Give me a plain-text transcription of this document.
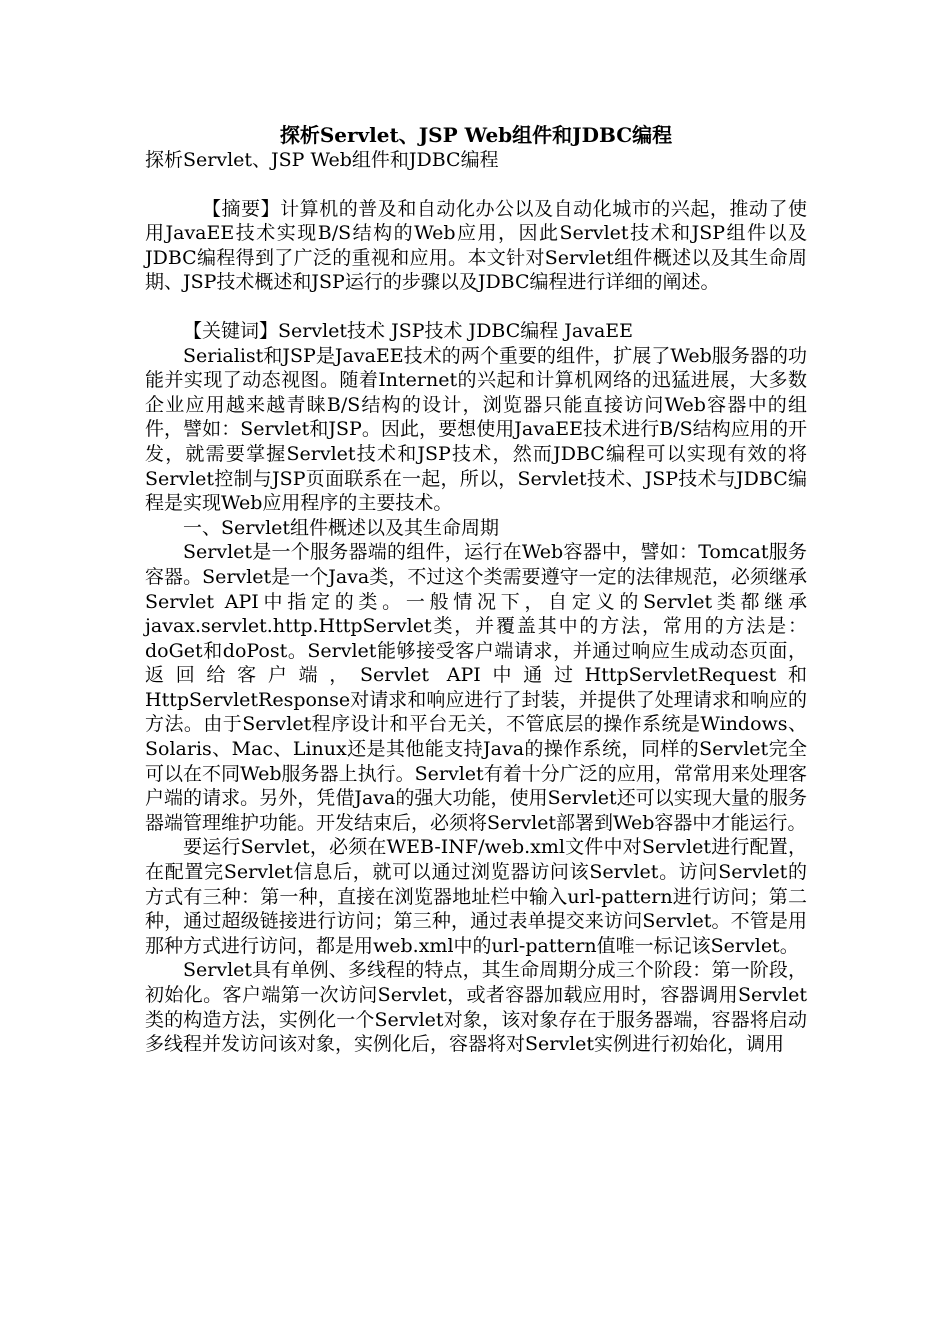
探析Servlet、JSP Web组件和JDBC编程
探析Servlet、JSP Web组件和JDBC编程

【摘要】计算机的普及和自动化办公以及自动化城市的兴起，推动了使用JavaEE技术实现B/S结构的Web应用，因此Servlet技术和JSP组件以及JDBC编程得到了广泛的重视和应用。本文针对Servlet组件概述以及其生命周期、JSP技术概述和JSP运行的步骤以及JDBC编程进行详细的阐述。

【关键词】Servlet技术 JSP技术 JDBC编程 JavaEE

Serialist和JSP是JavaEE技术的两个重要的组件，扩展了Web服务器的功能并实现了动态视图。随着Internet的兴起和计算机网络的迅猛进展，大多数企业应用越来越青睐B/S结构的设计，浏览器只能直接访问Web容器中的组件，譬如：Servlet和JSP。因此，要想使用JavaEE技术进行B/S结构应用的开发，就需要掌握Servlet技术和JSP技术，然而JDBC编程可以实现有效的将Servlet控制与JSP页面联系在一起，所以，Servlet技术、JSP技术与JDBC编程是实现Web应用程序的主要技术。

一、Servlet组件概述以及其生命周期

Servlet是一个服务器端的组件，运行在Web容器中，譬如：Tomcat服务容器。Servlet是一个Java类，不过这个类需要遵守一定的法律规范，必须继承Servlet API中指定的类。一般情况下，自定义的Servlet类都继承javax.servlet.http.HttpServlet类，并覆盖其中的方法，常用的方法是：doGet和doPost。Servlet能够接受客户端请求，并通过响应生成动态页面，返回给客户端，Servlet API中通过HttpServletRequest和HttpServletResponse对请求和响应进行了封装，并提供了处理请求和响应的方法。由于Servlet程序设计和平台无关，不管底层的操作系统是Windows、Solaris、Mac、Linux还是其他能支持Java的操作系统，同样的Servlet完全可以在不同Web服务器上执行。Servlet有着十分广泛的应用，常常用来处理客户端的请求。另外，凭借Java的强大功能，使用Servlet还可以实现大量的服务器端管理维护功能。开发结束后，必须将Servlet部署到Web容器中才能运行。

要运行Servlet，必须在WEB-INF/web.xml文件中对Servlet进行配置，在配置完Servlet信息后，就可以通过浏览器访问该Servlet。访问Servlet的方式有三种：第一种，直接在浏览器地址栏中输入url-pattern进行访问；第二种，通过超级链接进行访问；第三种，通过表单提交来访问Servlet。不管是用那种方式进行访问，都是用web.xml中的url-pattern值唯一标记该Servlet。

Servlet具有单例、多线程的特点，其生命周期分成三个阶段：第一阶段，初始化。客户端第一次访问Servlet，或者容器加载应用时，容器调用Servlet类的构造方法，实例化一个Servlet对象，该对象存在于服务器端，容器将启动多线程并发访问该对象，实例化后，容器将对Servlet实例进行初始化，调用
